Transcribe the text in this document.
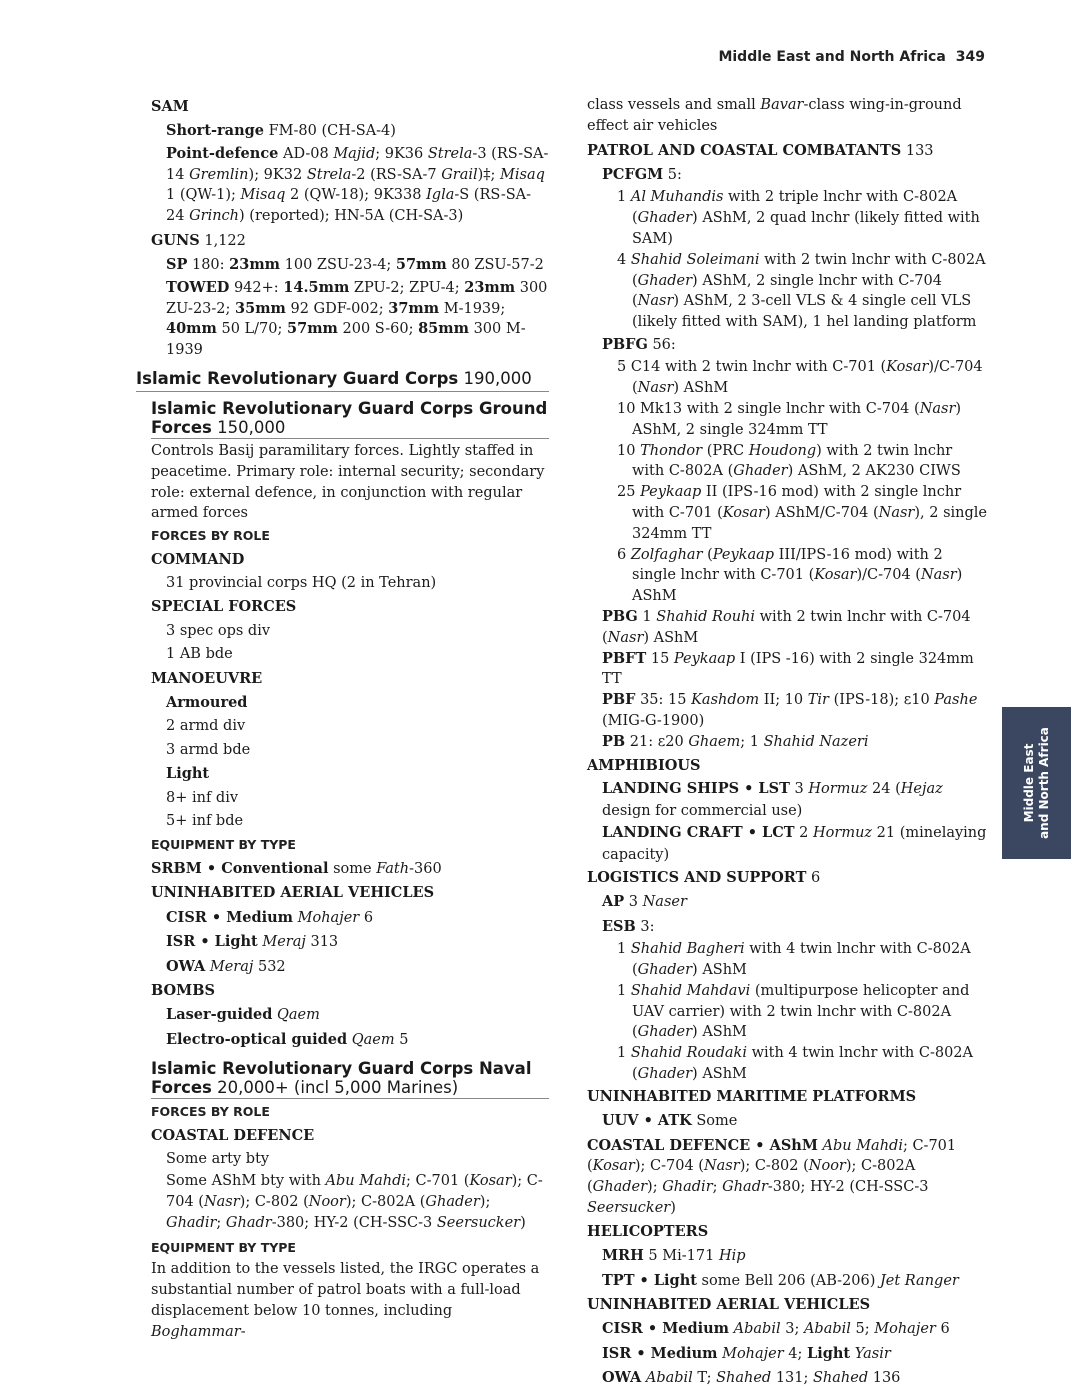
Middle East and North Africa 349
Middle East and North Africa

SAM

Short-range FM-80 (CH-SA-4)

Point-defence AD-08 Majid; 9K36 Strela-3 (RS-SA-14 Gremlin); 9K32 Strela-2 (RS-SA-7 Grail)‡; Misaq 1 (QW-1); Misaq 2 (QW-18); 9K338 Igla-S (RS-SA-24 Grinch) (reported); HN-5A (CH-SA-3)

GUNS 1,122

SP 180: 23mm 100 ZSU-23-4; 57mm 80 ZSU-57-2

TOWED 942+: 14.5mm ZPU-2; ZPU-4; 23mm 300 ZU-23-2; 35mm 92 GDF-002; 37mm M-1939; 40mm 50 L/70; 57mm 200 S-60; 85mm 300 M-1939

Islamic Revolutionary Guard Corps 190,000

Islamic Revolutionary Guard Corps Ground Forces 150,000

Controls Basij paramilitary forces. Lightly staffed in peacetime. Primary role: internal security; secondary role: external defence, in conjunction with regular armed forces

FORCES BY ROLE

COMMAND

31 provincial corps HQ (2 in Tehran)

SPECIAL FORCES

3 spec ops div

1 AB bde

MANOEUVRE

Armoured

2 armd div

3 armd bde

Light

8+ inf div

5+ inf bde

EQUIPMENT BY TYPE

SRBM • Conventional some Fath-360

UNINHABITED AERIAL VEHICLES

CISR • Medium Mohajer 6

ISR • Light Meraj 313

OWA Meraj 532

BOMBS

Laser-guided Qaem

Electro-optical guided Qaem 5

Islamic Revolutionary Guard Corps Naval Forces 20,000+ (incl 5,000 Marines)

FORCES BY ROLE

COASTAL DEFENCE

Some arty bty

Some AShM bty with Abu Mahdi; C-701 (Kosar); C-704 (Nasr); C-802 (Noor); C-802A (Ghader); Ghadir; Ghadr-380; HY-2 (CH-SSC-3 Seersucker)

EQUIPMENT BY TYPE

In addition to the vessels listed, the IRGC operates a substantial number of patrol boats with a full-load displacement below 10 tonnes, including Boghammar-

class vessels and small Bavar-class wing-in-ground effect air vehicles

PATROL AND COASTAL COMBATANTS 133

PCFGM 5:

1 Al Muhandis with 2 triple lnchr with C-802A (Ghader) AShM, 2 quad lnchr (likely fitted with SAM)

4 Shahid Soleimani with 2 twin lnchr with C-802A (Ghader) AShM, 2 single lnchr with C-704 (Nasr) AShM, 2 3-cell VLS & 4 single cell VLS (likely fitted with SAM), 1 hel landing platform

PBFG 56:

5 C14 with 2 twin lnchr with C-701 (Kosar)/C-704 (Nasr) AShM

10 Mk13 with 2 single lnchr with C-704 (Nasr) AShM, 2 single 324mm TT

10 Thondor (PRC Houdong) with 2 twin lnchr with C-802A (Ghader) AShM, 2 AK230 CIWS

25 Peykaap II (IPS-16 mod) with 2 single lnchr with C-701 (Kosar) AShM/C-704 (Nasr), 2 single 324mm TT

6 Zolfaghar (Peykaap III/IPS-16 mod) with 2 single lnchr with C-701 (Kosar)/C-704 (Nasr) AShM

PBG 1 Shahid Rouhi with 2 twin lnchr with C-704 (Nasr) AShM

PBFT 15 Peykaap I (IPS -16) with 2 single 324mm TT

PBF 35: 15 Kashdom II; 10 Tir (IPS-18); ε10 Pashe (MIG-G-1900)

PB 21: ε20 Ghaem; 1 Shahid Nazeri

AMPHIBIOUS

LANDING SHIPS • LST 3 Hormuz 24 (Hejaz design for commercial use)

LANDING CRAFT • LCT 2 Hormuz 21 (minelaying capacity)

LOGISTICS AND SUPPORT 6

AP 3 Naser

ESB 3:

1 Shahid Bagheri with 4 twin lnchr with C-802A (Ghader) AShM

1 Shahid Mahdavi (multipurpose helicopter and UAV carrier) with 2 twin lnchr with C-802A (Ghader) AShM

1 Shahid Roudaki with 4 twin lnchr with C-802A (Ghader) AShM

UNINHABITED MARITIME PLATFORMS

UUV • ATK Some

COASTAL DEFENCE • AShM Abu Mahdi; C-701 (Kosar); C-704 (Nasr); C-802 (Noor); C-802A (Ghader); Ghadir; Ghadr-380; HY-2 (CH-SSC-3 Seersucker)

HELICOPTERS

MRH 5 Mi-171 Hip

TPT • Light some Bell 206 (AB-206) Jet Ranger

UNINHABITED AERIAL VEHICLES

CISR • Medium Ababil 3; Ababil 5; Mohajer 6

ISR • Medium Mohajer 4; Light Yasir

OWA Ababil T; Shahed 131; Shahed 136
